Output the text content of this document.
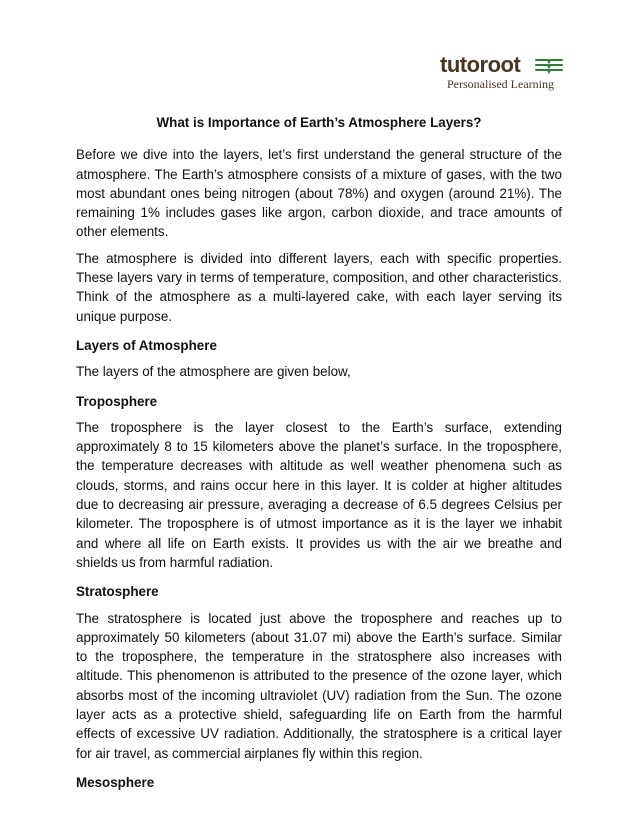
tutoroot
Personalised Learning
What is Importance of Earth’s Atmosphere Layers?

Before we dive into the layers, let’s first understand the general structure of the atmosphere. The Earth’s atmosphere consists of a mixture of gases, with the two most abundant ones being nitrogen (about 78%) and oxygen (around 21%). The remaining 1% includes gases like argon, carbon dioxide, and trace amounts of other elements.

The atmosphere is divided into different layers, each with specific properties. These layers vary in terms of temperature, composition, and other characteristics. Think of the atmosphere as a multi-layered cake, with each layer serving its unique purpose.

Layers of Atmosphere

The layers of the atmosphere are given below,

Troposphere

The troposphere is the layer closest to the Earth’s surface, extending approximately 8 to 15 kilometers above the planet’s surface. In the troposphere, the temperature decreases with altitude as well weather phenomena such as clouds, storms, and rains occur here in this layer. It is colder at higher altitudes due to decreasing air pressure, averaging a decrease of 6.5 degrees Celsius per kilometer. The troposphere is of utmost importance as it is the layer we inhabit and where all life on Earth exists. It provides us with the air we breathe and shields us from harmful radiation.

Stratosphere

The stratosphere is located just above the troposphere and reaches up to approximately 50 kilometers (about 31.07 mi) above the Earth’s surface. Similar to the troposphere, the temperature in the stratosphere also increases with altitude. This phenomenon is attributed to the presence of the ozone layer, which absorbs most of the incoming ultraviolet (UV) radiation from the Sun. The ozone layer acts as a protective shield, safeguarding life on Earth from the harmful effects of excessive UV radiation. Additionally, the stratosphere is a critical layer for air travel, as commercial airplanes fly within this region.

Mesosphere
